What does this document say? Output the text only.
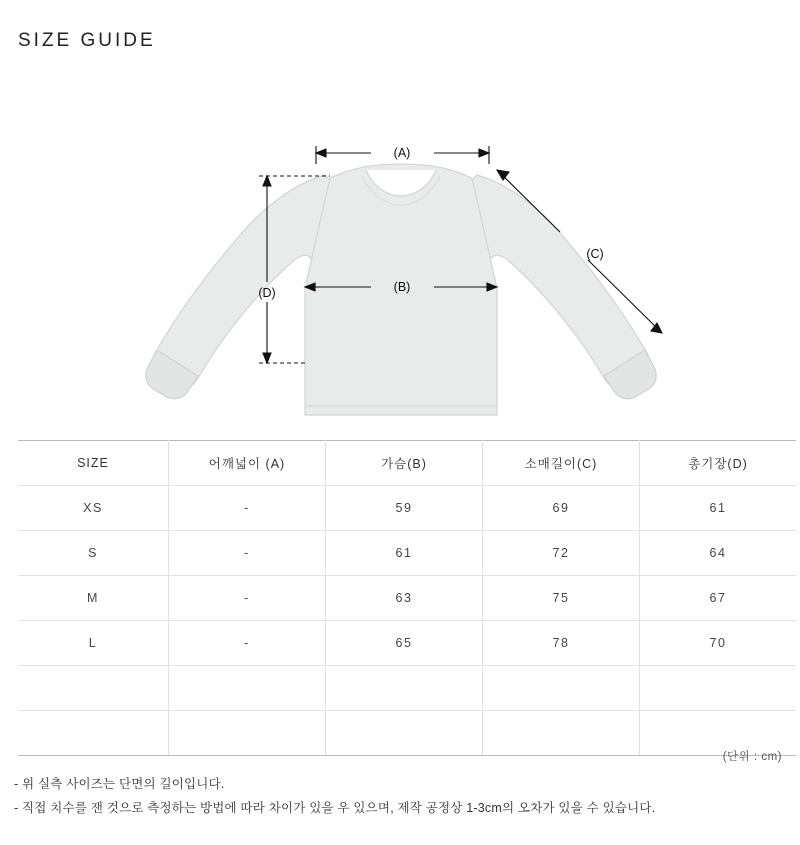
SIZE GUIDE
(A)
(B)
(C)
(D)
SIZE	어깨넓이 (A)	가슴(B)	소매길이(C)	총기장(D)
XS	-	59	69	61
S	-	61	72	64
M	-	63	75	67
L	-	65	78	70

(단위 : cm)
- 위 실측 사이즈는 단면의 길이입니다.
- 직접 치수를 잰 것으로 측정하는 방법에 따라 차이가 있을 우 있으며, 제작 공정상 1-3cm의 오차가 있을 수 있습니다.
